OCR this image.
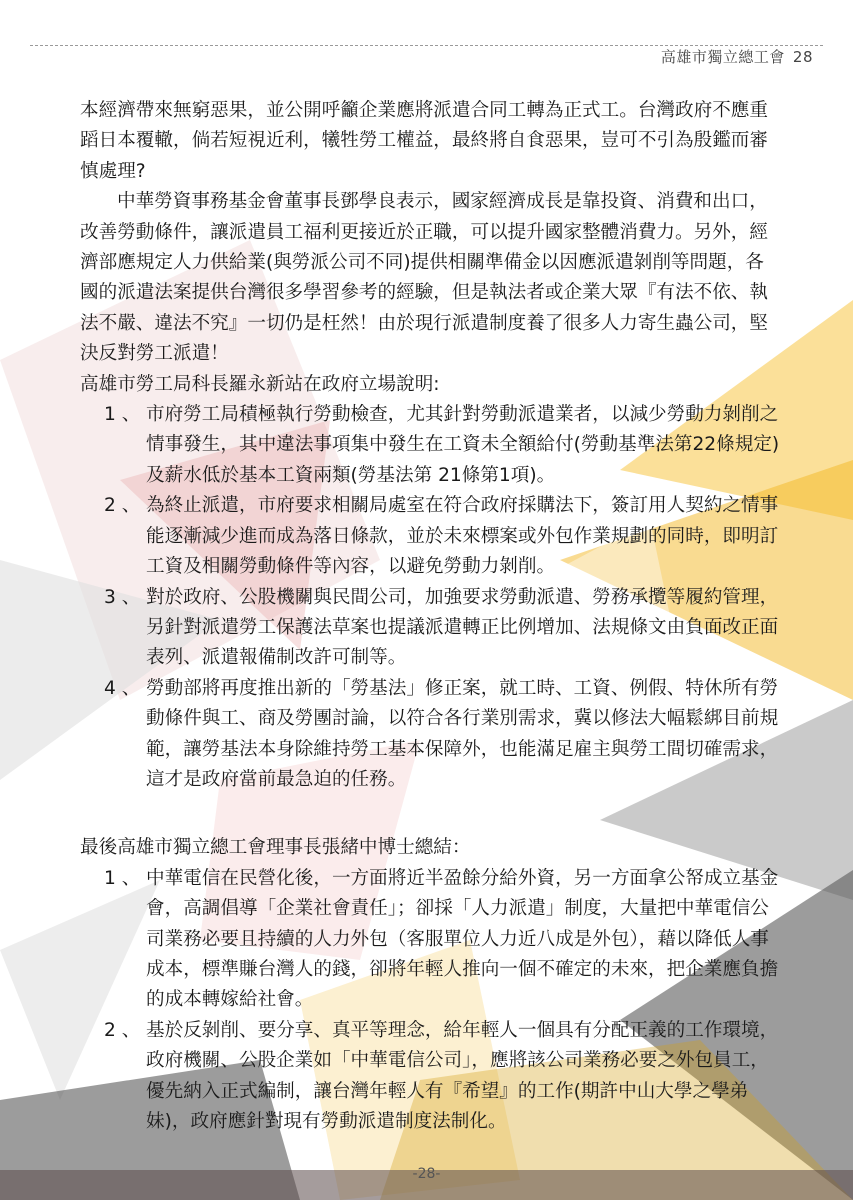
高雄市獨立總工會 28

本經濟帶來無窮惡果，並公開呼籲企業應將派遣合同工轉為正式工。台灣政府不應重蹈日本覆轍，倘若短視近利，犧牲勞工權益，最終將自食惡果，豈可不引為殷鑑而審慎處理?

中華勞資事務基金會董事長鄧學良表示，國家經濟成長是靠投資、消費和出口，改善勞動條件，讓派遣員工福利更接近於正職，可以提升國家整體消費力。另外，經濟部應規定人力供給業(與勞派公司不同)提供相關準備金以因應派遣剝削等問題，各國的派遣法案提供台灣很多學習參考的經驗，但是執法者或企業大眾『有法不依、執法不嚴、違法不究』一切仍是枉然！由於現行派遣制度養了很多人力寄生蟲公司，堅決反對勞工派遣！

高雄市勞工局科長羅永新站在政府立場說明:

1 、 市府勞工局積極執行勞動檢查，尤其針對勞動派遣業者，以減少勞動力剝削之情事發生，其中違法事項集中發生在工資未全額給付(勞動基準法第22條規定)及薪水低於基本工資兩類(勞基法第 21條第1項)。
2 、 為終止派遣，市府要求相關局處室在符合政府採購法下，簽訂用人契約之情事能逐漸減少進而成為落日條款，並於未來標案或外包作業規劃的同時，即明訂工資及相關勞動條件等內容，以避免勞動力剝削。
3 、 對於政府、公股機關與民間公司，加強要求勞動派遣、勞務承攬等履約管理，另針對派遣勞工保護法草案也提議派遣轉正比例增加、法規條文由負面改正面表列、派遣報備制改許可制等。
4 、 勞動部將再度推出新的「勞基法」修正案，就工時、工資、例假、特休所有勞動條件與工、商及勞團討論，以符合各行業別需求，冀以修法大幅鬆綁目前規範，讓勞基法本身除維持勞工基本保障外，也能滿足雇主與勞工間切確需求，這才是政府當前最急迫的任務。

最後高雄市獨立總工會理事長張緒中博士總結：

1 、 中華電信在民營化後，一方面將近半盈餘分給外資，另一方面拿公帑成立基金會，高調倡導「企業社會責任」；卻採「人力派遣」制度，大量把中華電信公司業務必要且持續的人力外包（客服單位人力近八成是外包），藉以降低人事成本，標準賺台灣人的錢，卻將年輕人推向一個不確定的未來，把企業應負擔的成本轉嫁給社會。
2 、 基於反剝削、要分享、真平等理念，給年輕人一個具有分配正義的工作環境，政府機關、公股企業如「中華電信公司」，應將該公司業務必要之外包員工，優先納入正式編制，讓台灣年輕人有『希望』的工作(期許中山大學之學弟妹)，政府應針對現有勞動派遣制度法制化。
-28-
